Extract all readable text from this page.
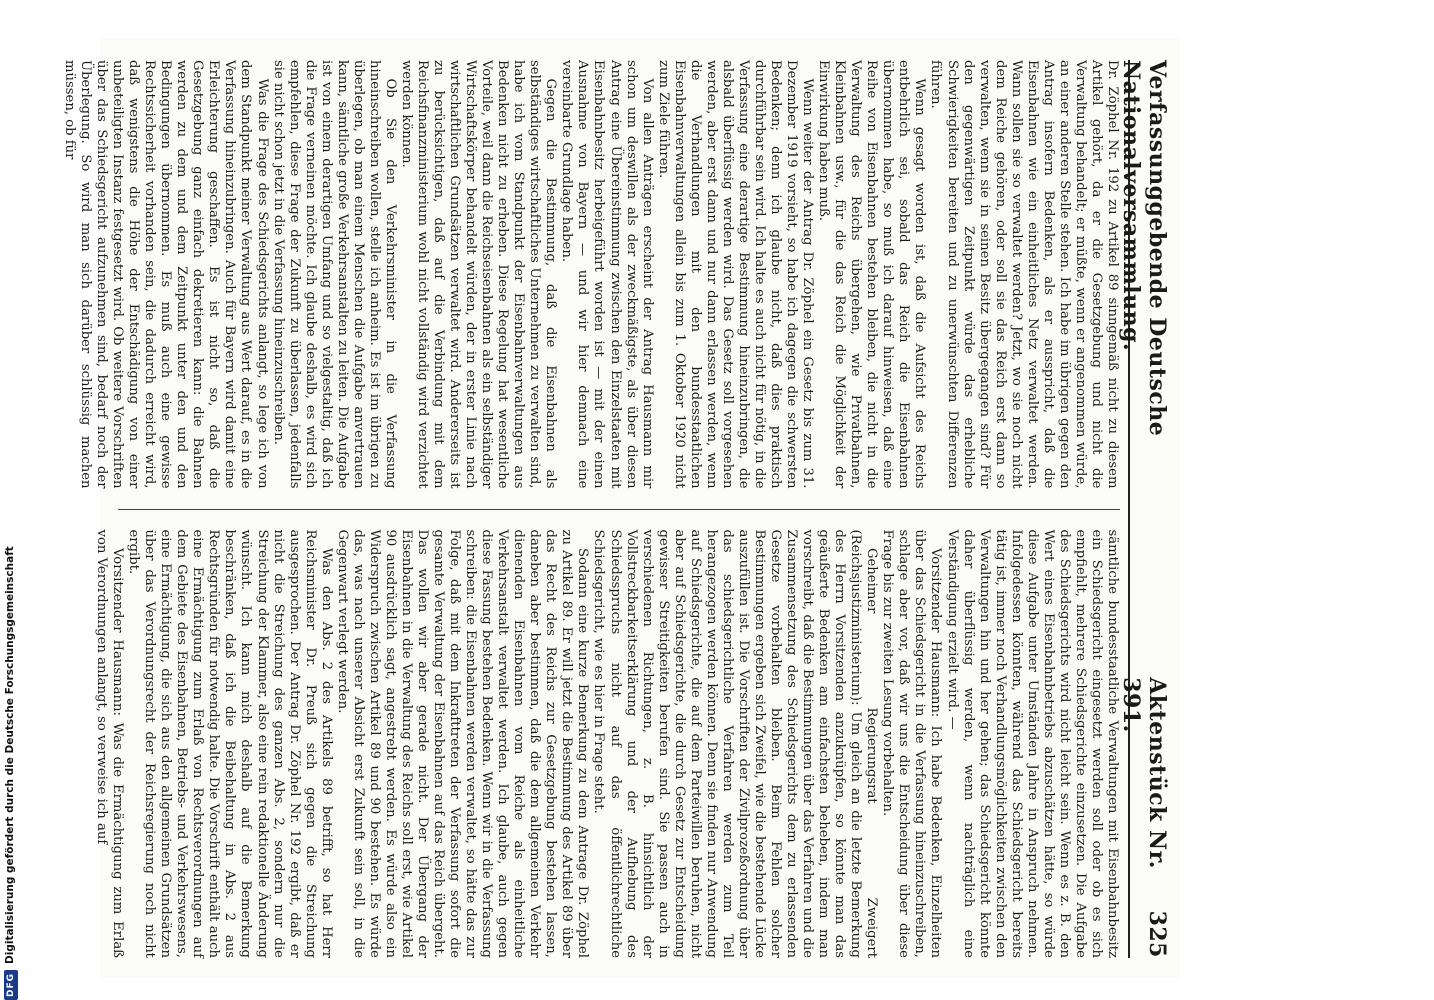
DFGDigitalisierung gefördert durch die Deutsche Forschungsgemeinschaft
Verfassunggebende Deutsche Nationalversammlung.
Aktenstück Nr. 391.
325

Dr. Zöphel Nr. 192 zu Artikel 89 sinngemäß nicht zu diesem Artikel gehört, da er die Gesetzgebung und nicht die Verwaltung behandelt; er müßte, wenn er angenommen würde, an einer anderen Stelle stehen. Ich habe im übrigen gegen den Antrag insofern Bedenken, als er ausspricht, daß die Eisenbahnen wie ein einheitliches Netz verwaltet werden. Wann sollen sie so verwaltet werden? Jetzt, wo sie noch nicht dem Reiche gehören, oder soll sie das Reich erst dann so verwalten, wenn sie in seinen Besitz übergegangen sind? Für den gegenwärtigen Zeitpunkt würde das erhebliche Schwierigkeiten bereiten und zu unerwünschten Differenzen führen.

Wenn gesagt worden ist, daß die Aufsicht des Reichs entbehrlich sei, sobald das Reich die Eisenbahnen übernommen habe, so muß ich darauf hinweisen, daß eine Reihe von Eisenbahnen bestehen bleiben, die nicht in die Verwaltung des Reichs übergehen, wie Privatbahnen, Kleinbahnen usw., für die das Reich die Möglichkeit der Einwirkung haben muß.

Wenn weiter der Antrag Dr. Zöphel ein Gesetz bis zum 31. Dezember 1919 vorsieht, so habe ich dagegen die schwersten Bedenken; denn ich glaube nicht, daß dies praktisch durchführbar sein wird. Ich halte es auch nicht für nötig, in die Verfassung eine derartige Bestimmung hineinzubringen, die alsbald überflüssig werden wird. Das Gesetz soll vorgesehen werden, aber erst dann und nur dann erlassen werden, wenn die Verhandlungen mit den bundesstaatlichen Eisenbahnverwaltungen allein bis zum 1. Oktober 1920 nicht zum Ziele führen.

Von allen Anträgen erscheint der Antrag Hausmann mir schon um deswillen als der zweckmäßigste, als über diesen Antrag eine Übereinstimmung zwischen den Einzelstaaten mit Eisenbahnbesitz herbeigeführt worden ist — mit der einen Ausnahme von Bayern — und wir hier demnach eine vereinbarte Grundlage haben.

Gegen die Bestimmung, daß die Eisenbahnen als selbständiges wirtschaftliches Unternehmen zu verwalten sind, habe ich vom Standpunkt der Eisenbahnverwaltungen aus Bedenken nicht zu erheben. Diese Regelung hat wesentliche Vorteile, weil dann die Reichseisenbahnen als ein selbständiger Wirtschaftskörper behandelt würden, der in erster Linie nach wirtschaftlichen Grundsätzen verwaltet wird. Andererseits ist zu berücksichtigen, daß auf die Verbindung mit dem Reichsfinanzministerium wohl nicht vollständig wird verzichtet werden können.

Ob Sie den Verkehrsminister in die Verfassung hineinschreiben wollen, stelle ich anheim. Es ist im übrigen zu überlegen, ob man einem Menschen die Aufgabe anvertrauen kann, sämtliche große Verkehrsanstalten zu leiten. Die Aufgabe ist von einem derartigen Umfang und so vielgestaltig, daß ich die Frage verneinen möchte. Ich glaube deshalb, es wird sich empfehlen, diese Frage der Zukunft zu überlassen, jedenfalls sie nicht schon jetzt in die Verfassung hineinzuschreiben.

Was die Frage des Schiedsgerichts anlangt, so lege ich von dem Standpunkt meiner Verwaltung aus Wert darauf, es in die Verfassung hineinzubringen. Auch für Bayern wird damit eine Erleichterung geschaffen. Es ist nicht so, daß die Gesetzgebung ganz einfach dekretieren kann: die Bahnen werden zu dem und dem Zeitpunkt unter den und den Bedingungen übernommen. Es muß auch eine gewisse Rechtssicherheit vorhanden sein, die dadurch erreicht wird, daß wenigstens die Höhe der Entschädigung von einer unbeteiligten Instanz festgesetzt wird. Ob weitere Vorschriften über das Schiedsgericht aufzunehmen sind, bedarf noch der Überlegung. So wird man sich darüber schlüssig machen müssen, ob für

sämtliche bundesstaatliche Verwaltungen mit Eisenbahnbesitz ein Schiedsgericht eingesetzt werden soll oder ob es sich empfiehlt, mehrere Schiedsgerichte einzusetzen. Die Aufgabe des Schiedsgerichts wird nicht leicht sein. Wenn es z. B. den Wert eines Eisenbahnbetriebs abzuschätzen hätte, so würde diese Aufgabe unter Umständen Jahre in Anspruch nehmen. Infolgedessen könnten, während das Schiedsgericht bereits tätig ist, immer noch Verhandlungsmöglichkeiten zwischen den Verwaltungen hin und her gehen; das Schiedsgericht könnte daher überflüssig werden, wenn nachträglich eine Verständigung erzielt wird. —

Vorsitzender Hausmann: Ich habe Bedenken, Einzelheiten über das Schiedsgericht in die Verfassung hineinzuschreiben, schlage aber vor, daß wir uns die Entscheidung über diese Frage bis zur zweiten Lesung vorbehalten.

Geheimer Regierungsrat Zweigert (Reichsjustizministerium): Um gleich an die letzte Bemerkung des Herrn Vorsitzenden anzuknüpfen, so könnte man das geäußerte Bedenken am einfachsten beheben, indem man vorschreibt, daß die Bestimmungen über das Verfahren und die Zusammensetzung des Schiedsgerichts dem zu erlassenden Gesetze vorbehalten bleiben. Beim Fehlen solcher Bestimmungen ergeben sich Zweifel, wie die bestehende Lücke auszufüllen ist. Die Vorschriften der Zivilprozeßordnung über das schiedsgerichtliche Verfahren werden zum Teil herangezogen werden können. Denn sie finden nur Anwendung auf Schiedsgerichte, die auf dem Parteiwillen beruhen, nicht aber auf Schiedsgerichte, die durch Gesetz zur Entscheidung gewisser Streitigkeiten berufen sind. Sie passen auch in verschiedenen Richtungen, z. B. hinsichtlich der Vollstreckbarkeitserklärung und der Aufhebung des Schiedsspruchs nicht auf das öffentlichrechtliche Schiedsgericht, wie es hier in Frage steht.

Sodann eine kurze Bemerkung zu dem Antrage Dr. Zöphel zu Artikel 89. Er will jetzt die Bestimmung des Artikel 89 über das Recht des Reichs zur Gesetzgebung bestehen lassen, daneben aber bestimmen, daß die dem allgemeinen Verkehr dienenden Eisenbahnen vom Reiche als einheitliche Verkehrsanstalt verwaltet werden. Ich glaube, auch gegen diese Fassung bestehen Bedenken. Wenn wir in die Verfassung schreiben: die Eisenbahnen werden verwaltet, so hätte das zur Folge, daß mit dem Inkrafttreten der Verfassung sofort die gesamte Verwaltung der Eisenbahnen auf das Reich übergeht. Das wollen wir aber gerade nicht. Der Übergang der Eisenbahnen in die Verwaltung des Reichs soll erst, wie Artikel 90 ausdrücklich sagt, angestrebt werden. Es würde also ein Widerspruch zwischen Artikel 89 und 90 bestehen. Es würde das, was nach unserer Absicht erst Zukunft sein soll, in die Gegenwart verlegt werden.

Was den Abs. 2 des Artikels 89 betrifft, so hat Herr Reichsminister Dr. Preuß sich gegen die Streichung ausgesprochen. Der Antrag Dr. Zöphel Nr. 192 ergibt, daß er nicht die Streichung des ganzen Abs. 2, sondern nur die Streichung der Klammer, also eine rein redaktionelle Änderung wünscht. Ich kann mich deshalb auf die Bemerkung beschränken, daß ich die Beibehaltung in Abs. 2 aus Rechtsgründen für notwendig halte. Die Vorschrift enthält auch eine Ermächtigung zum Erlaß von Rechtsverordnungen auf dem Gebiete des Eisenbahnen, Betriebs- und Verkehrswesens, eine Ermächtigung, die sich aus den allgemeinen Grundsätzen über das Verordnungsrecht der Reichsregierung noch nicht ergibt.

Vorsitzender Hausmann: Was die Ermächtigung zum Erlaß von Verordnungen anlangt, so verweise ich auf
